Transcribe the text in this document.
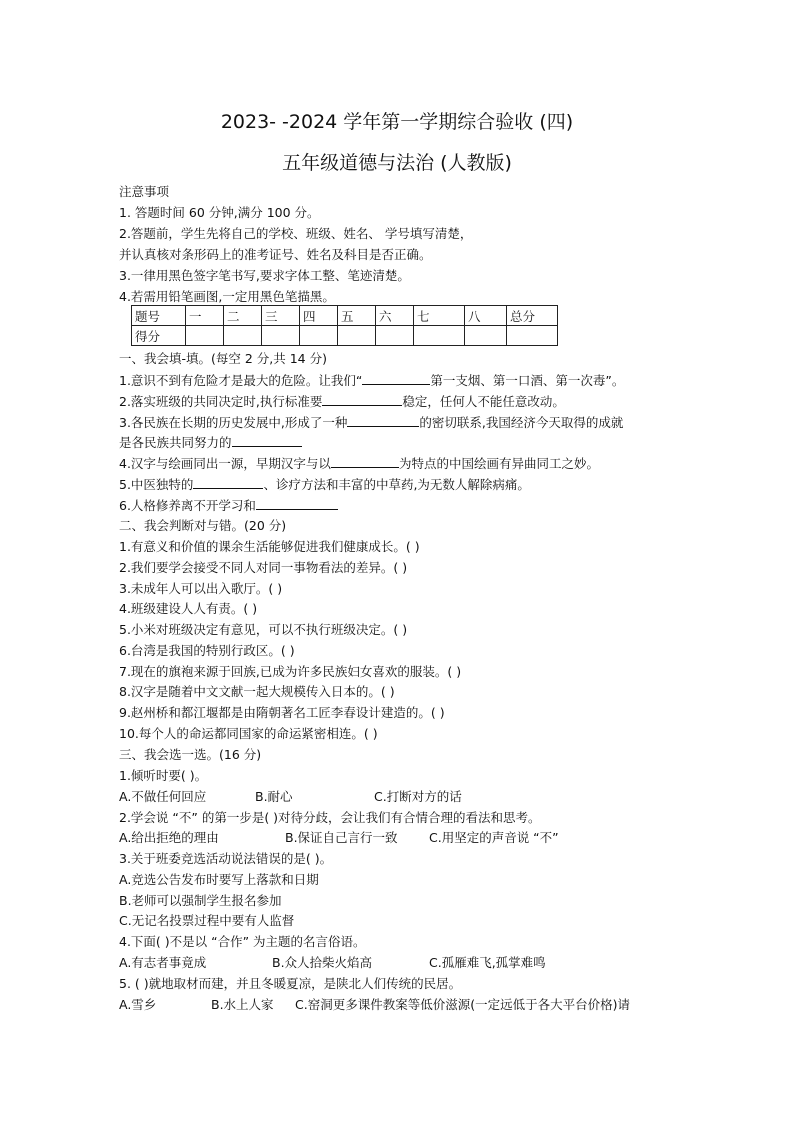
2023- -2024 学年第一学期综合验收 (四)
五年级道德与法治 (人教版)
注意事项
1. 答题时间 60 分钟,满分 100 分。
2.答题前，学生先将自己的学校、班级、姓名、 学号填写清楚，
并认真核对条形码上的准考证号、姓名及科目是否正确。
3.一律用黑色签字笔书写,要求字体工整、笔迹清楚。
4.若需用铅笔画图,一定用黑色笔描黑。
题号	一	二	三	四	五	六	七	八	总分
得分									
一、我会填-填。(每空 2 分,共 14 分)
1.意识不到有危险才是最大的危险。让我们“	第一支烟、第一口酒、第一次毒”。
2.落实班级的共同决定时,执行标准要	稳定，任何人不能任意改动。
3.各民族在长期的历史发展中,形成了一种	的密切联系,我国经济今天取得的成就
是各民族共同努力的
4.汉字与绘画同出一源，早期汉字与以	为特点的中国绘画有异曲同工之妙。
5.中医独特的	、诊疗方法和丰富的中草药,为无数人解除病痛。
6.人格修养离不开学习和
二、我会判断对与错。(20 分)
1.有意义和价值的课余生活能够促进我们健康成长。( )
2.我们要学会接受不同人对同一事物看法的差异。( )
3.未成年人可以出入歌厅。( )
4.班级建设人人有责。( )
5.小米对班级决定有意见，可以不执行班级决定。( )
6.台湾是我国的特别行政区。( )
7.现在的旗袍来源于回族,已成为许多民族妇女喜欢的服装。( )
8.汉字是随着中文文献一起大规模传入日本的。( )
9.赵州桥和都江堰都是由隋朝著名工匠李春设计建造的。( )
10.每个人的命运都同国家的命运紧密相连。( )
三、我会选一选。(16 分)
1.倾听时要( )。
A.不做任何回应	B.耐心	C.打断对方的话
2.学会说 “不” 的第一步是( )对待分歧，会让我们有合情合理的看法和思考。
A.给出拒绝的理由	B.保证自己言行一致	C.用坚定的声音说 “不”
3.关于班委竞选活动说法错误的是( )。
A.竞选公告发布时要写上落款和日期
B.老师可以强制学生报名参加
C.无记名投票过程中要有人监督
4.下面( )不是以 “合作” 为主题的名言俗语。
A.有志者事竟成	B.众人拾柴火焰高	C.孤雁难飞,孤掌难鸣
5. ( )就地取材而建，并且冬暖夏凉，是陕北人们传统的民居。
A.雪乡	B.水上人家 C.窑洞更多课件教案等低价滋源(一定远低于各大平台价格)请
